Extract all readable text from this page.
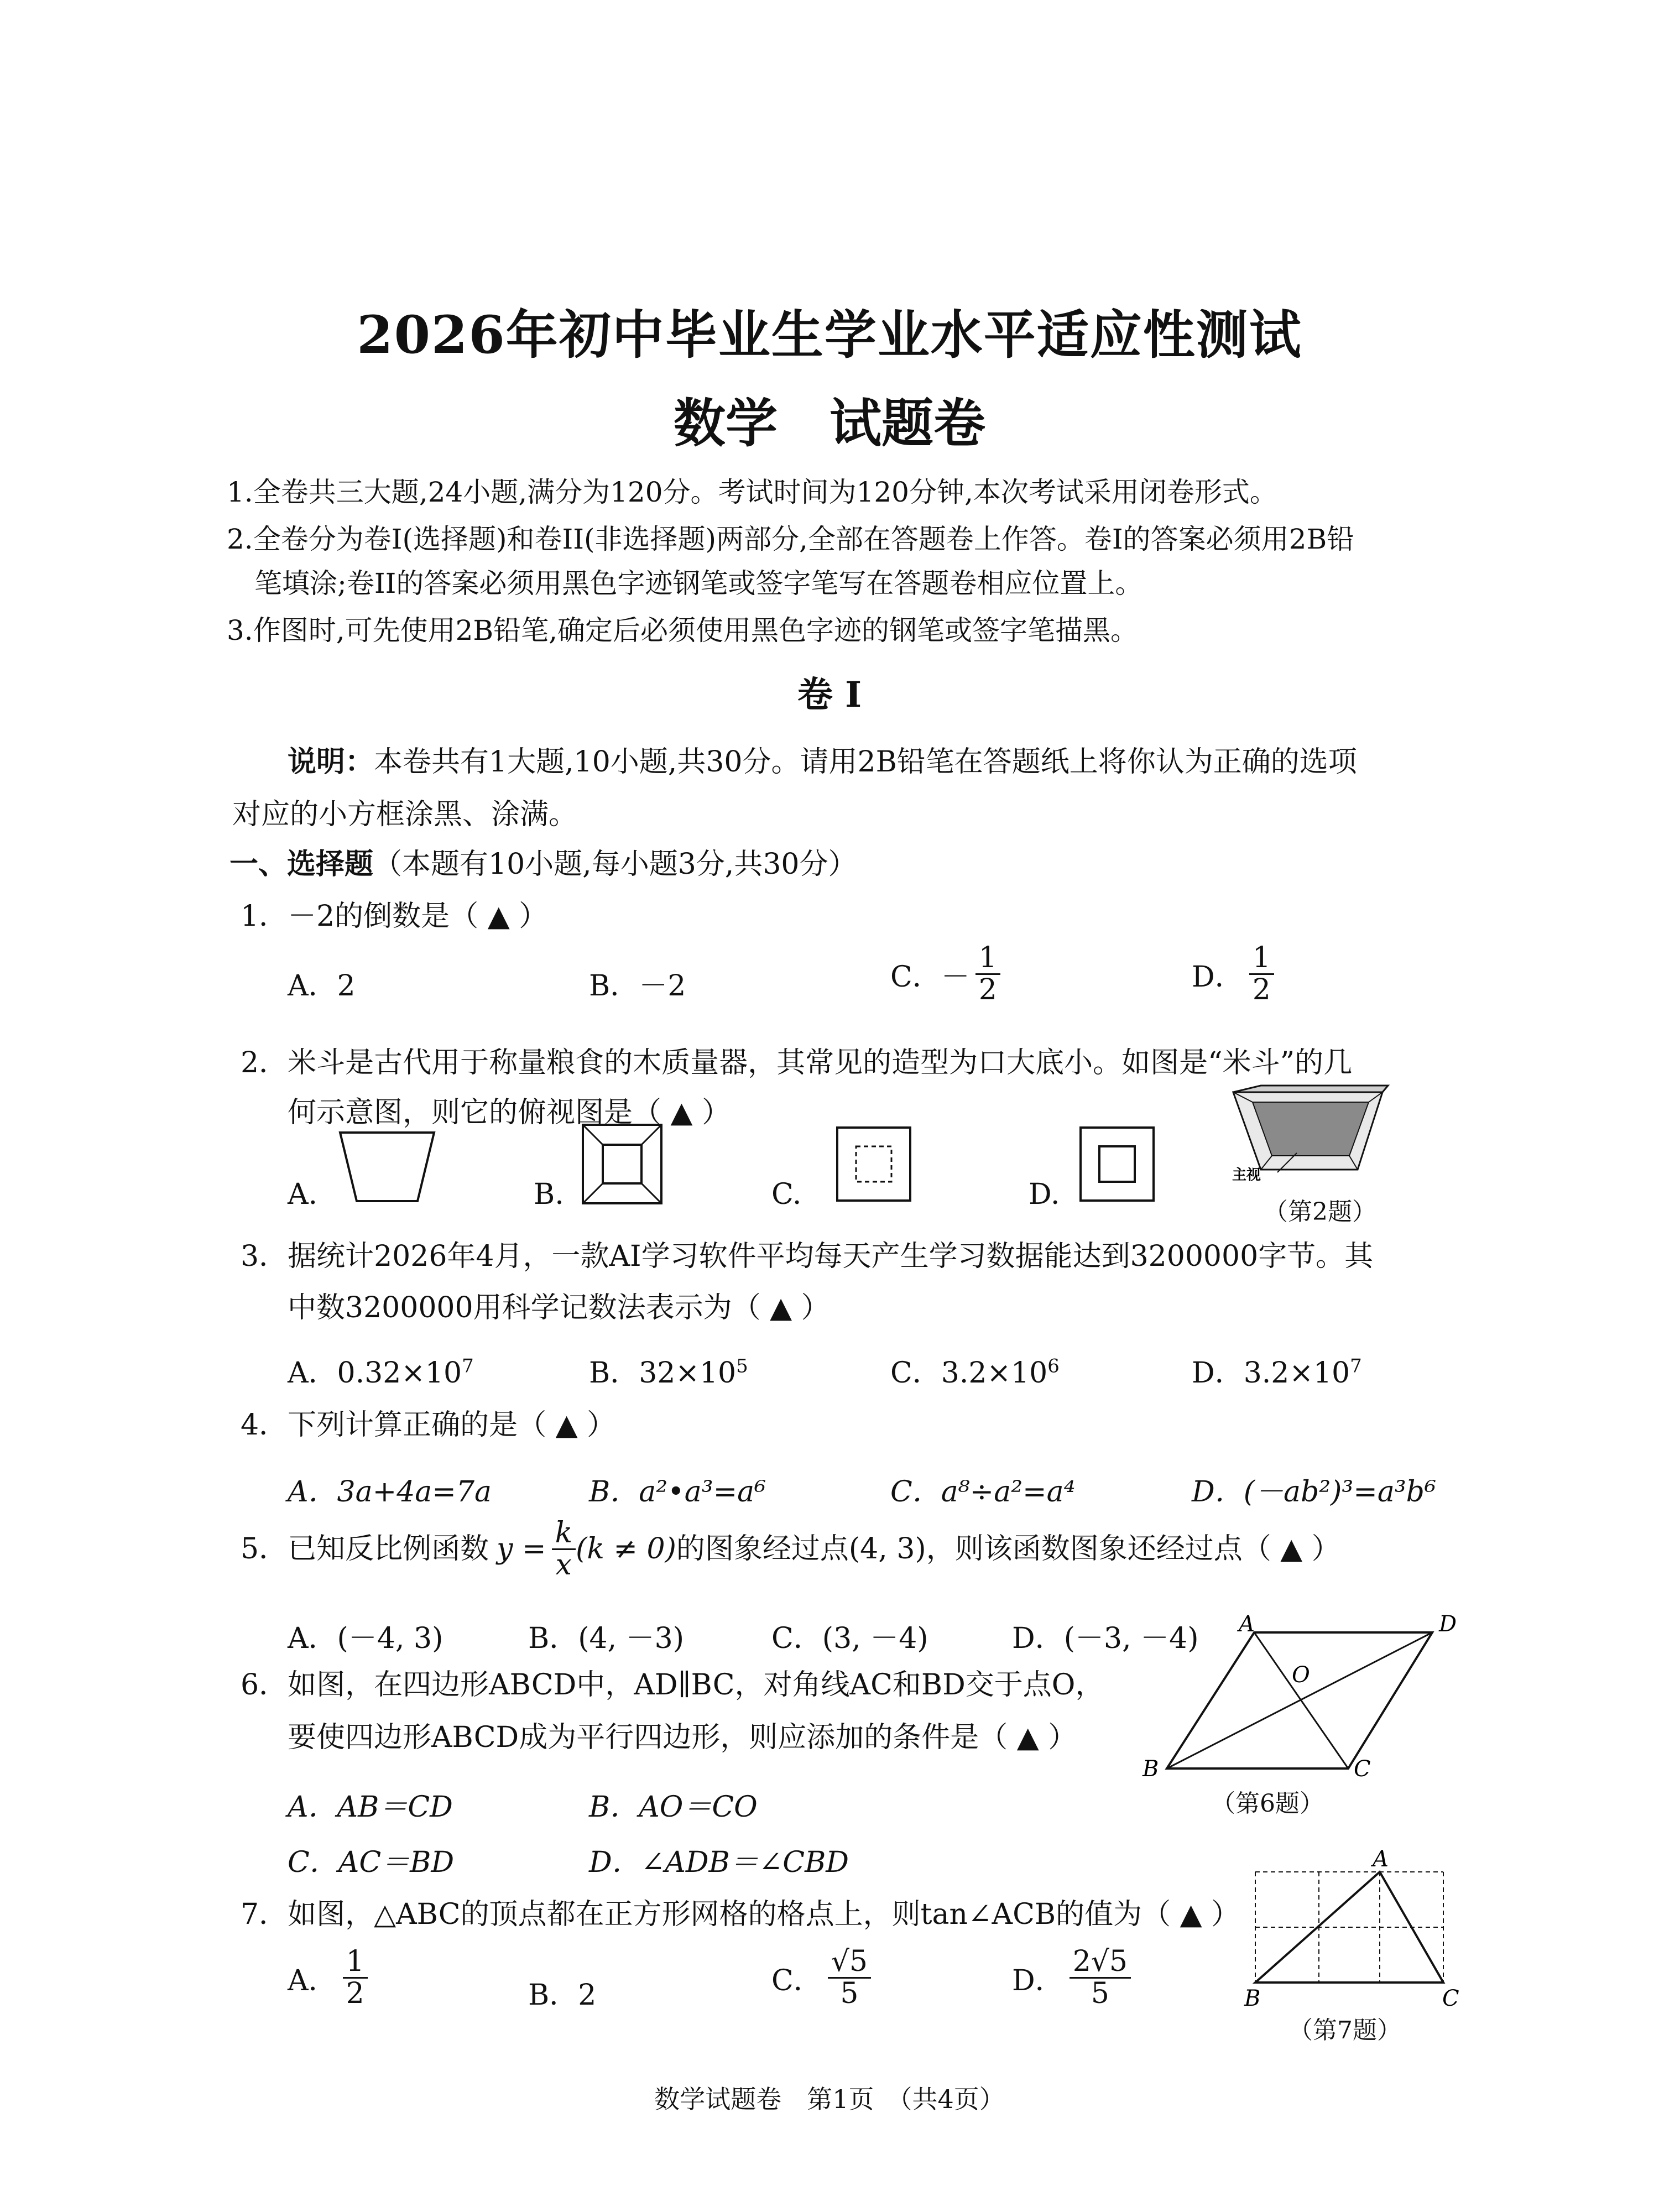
2026年初中毕业生学业水平适应性测试
数学　试题卷
1.全卷共三大题,24小题,满分为120分。考试时间为120分钟,本次考试采用闭卷形式。
2.全卷分为卷I(选择题)和卷II(非选择题)两部分,全部在答题卷上作答。卷I的答案必须用2B铅
笔填涂;卷II的答案必须用黑色字迹钢笔或签字笔写在答题卷相应位置上。
3.作图时,可先使用2B铅笔,确定后必须使用黑色字迹的钢笔或签字笔描黑。
卷 I
说明：本卷共有1大题,10小题,共30分。请用2B铅笔在答题纸上将你认为正确的选项
对应的小方框涂黑、涂满。
一、选择题（本题有10小题,每小题3分,共30分）
1．－2的倒数是（ ▲ ）
A．2	B．－2	C．－ $\frac{1}{2}$	D． $\frac{1}{2}$
2．米斗是古代用于称量粮食的木质量器，其常见的造型为口大底小。如图是“米斗”的几
何示意图，则它的俯视图是（ ▲ ）
A.	B.	C.	D.
主视
（第2题）
3．据统计2026年4月，一款AI学习软件平均每天产生学习数据能达到3200000字节。其
中数3200000用科学记数法表示为（ ▲ ）
A．$0.32\times 10^7$	B．$32\times 10^5$	C．$3.2\times 10^6$	D．$3.2\times 10^7$
4．下列计算正确的是（ ▲ ）
A．3a+4a=7a	B．a²•a³=a⁶	C．a⁸÷a²=a⁴	D．(－ab²)³=a³b⁶
5．已知反比例函数 $y = \frac{k}{x} (k \ne 0)$ 的图象经过点(4, 3)，则该函数图象还经过点（ ▲ ）
A．(－4, 3)	B．(4, －3)	C．(3, －4)	D．(－3, －4)
6．如图，在四边形ABCD中，AD∥BC，对角线AC和BD交于点O，
要使四边形ABCD成为平行四边形，则应添加的条件是（ ▲ ）
A．AB＝CD	B．AO＝CO
C．AC＝BD	D．∠ADB＝∠CBD
A	D
B	C
O
（第6题）
7．如图，△ABC的顶点都在正方形网格的格点上，则tan∠ACB的值为（ ▲ ）
A． $\frac{1}{2}$	B．2	C． $\frac{√5}{5}$	D． $\frac{2√5}{5}$
A
B	C
（第7题）
数学试题卷　第1页　（共4页）
